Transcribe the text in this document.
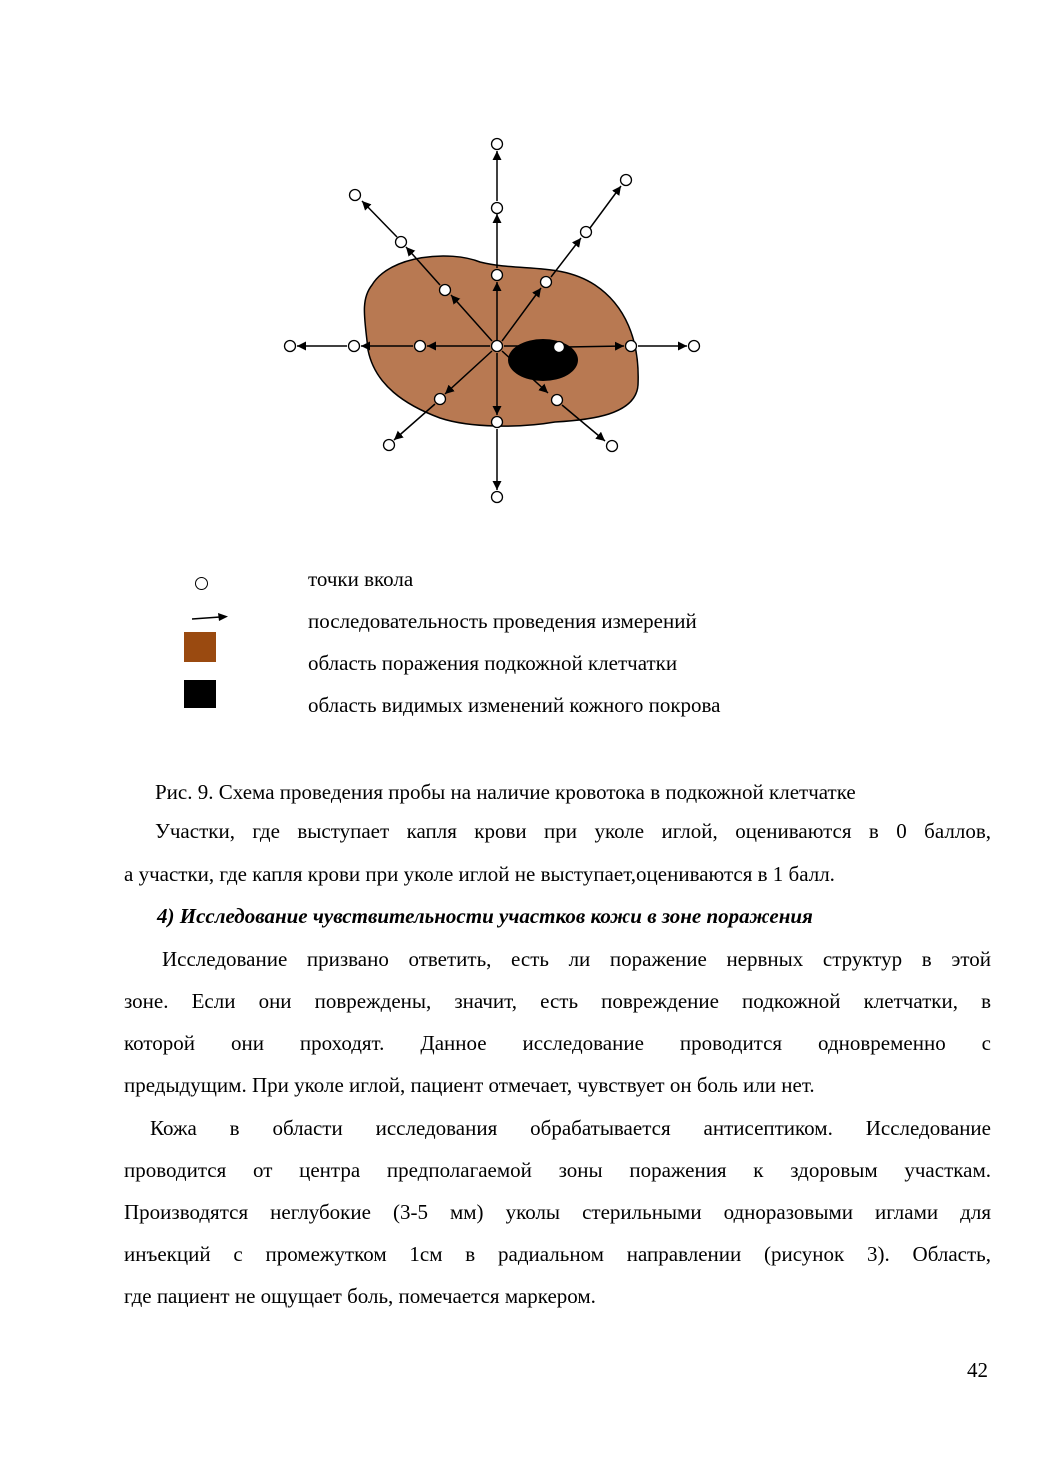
точки вкола
последовательность проведения измерений
область поражения подкожной клетчатки
область видимых изменений кожного покрова
Рис. 9. Схема проведения пробы на наличие кровотока в подкожной клетчатке
Участки, где выступает капля крови при уколе иглой, оцениваются в 0 баллов,
а участки, где капля крови при уколе иглой не выступает,оцениваются в 1 балл.
4) Исследование чувствительности участков кожи в зоне поражения
Исследование призвано ответить, есть ли поражение нервных структур в этой
зоне. Если они повреждены, значит, есть повреждение подкожной клетчатки, в
которой они проходят. Данное исследование проводится одновременно с
предыдущим. При уколе иглой, пациент отмечает, чувствует он боль или нет.
Кожа в области исследования обрабатывается антисептиком. Исследование
проводится от центра предполагаемой зоны поражения к здоровым участкам.
Производятся неглубокие (3-5 мм) уколы стерильными одноразовыми иглами для
инъекций с промежутком 1см в радиальном направлении (рисунок 3). Область,
где пациент не ощущает боль, помечается маркером.
42
